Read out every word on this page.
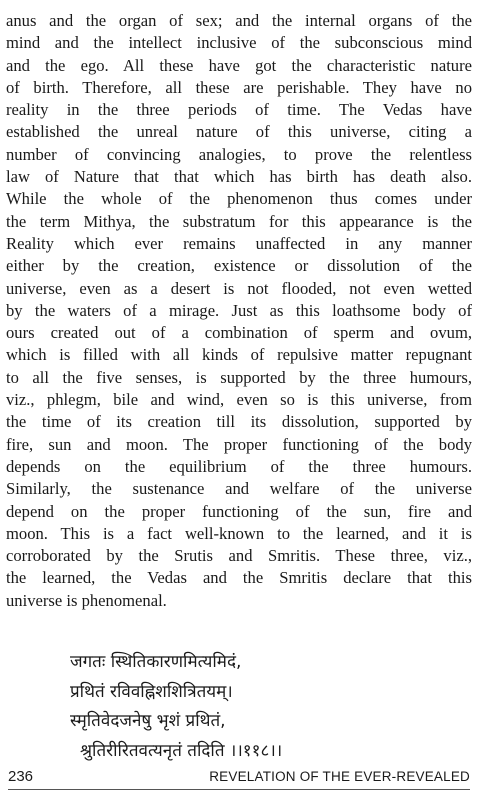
anus and the organ of sex; and the internal organs of the
mind and the intellect inclusive of the subconscious mind
and the ego. All these have got the characteristic nature
of birth. Therefore, all these are perishable. They have no
reality in the three periods of time. The Vedas have
established the unreal nature of this universe, citing a
number of convincing analogies, to prove the relentless
law of Nature that that which has birth has death also.
While the whole of the phenomenon thus comes under
the term Mithya, the substratum for this appearance is the
Reality which ever remains unaffected in any manner
either by the creation, existence or dissolution of the
universe, even as a desert is not flooded, not even wetted
by the waters of a mirage. Just as this loathsome body of
ours created out of a combination of sperm and ovum,
which is filled with all kinds of repulsive matter repugnant
to all the five senses, is supported by the three humours,
viz., phlegm, bile and wind, even so is this universe, from
the time of its creation till its dissolution, supported by
fire, sun and moon. The proper functioning of the body
depends on the equilibrium of the three humours.
Similarly, the sustenance and welfare of the universe
depend on the proper functioning of the sun, fire and
moon. This is a fact well-known to the learned, and it is
corroborated by the Srutis and Smritis. These three, viz.,
the learned, the Vedas and the Smritis declare that this
universe is phenomenal.
जगतः स्थितिकारणमित्यमिदं,
प्रथितं रविवह्निशशित्रितयम्।
स्मृतिवेदजनेषु भृशं प्रथितं,
श्रुतिरीरितवत्यनृतं तदिति ।।११८।।
236	REVELATION OF THE EVER-REVEALED
